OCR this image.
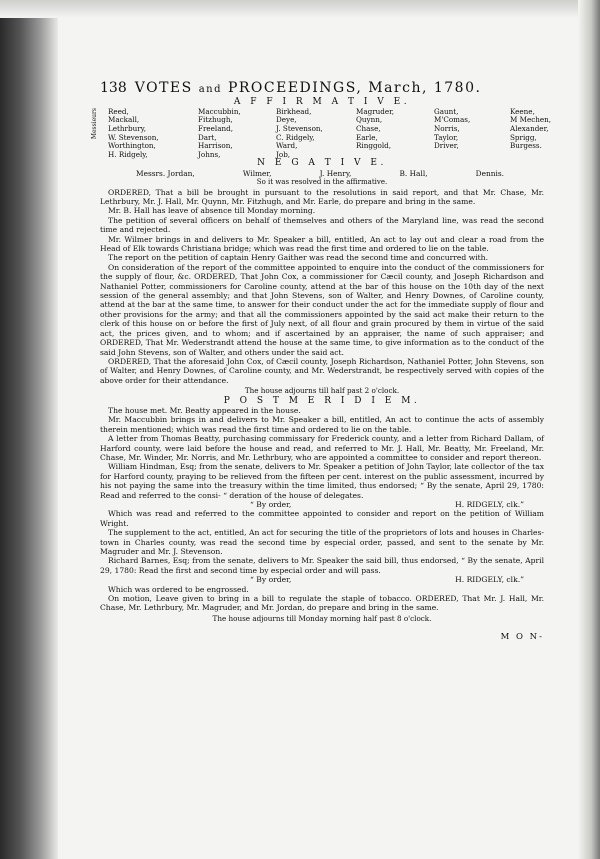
138 VOTES and PROCEEDINGS, March, 1780.
A F F I R M A T I V E.
Messieurs Reed,	Maccubbin,	Birkhead,	Magruder,	Gaunt,	Keene,
Mackall,	Fitzhugh,	Deye,	Quynn,	M'Comas,	M Mechen,
Lethrbury,	Freeland,	J. Stevenson,	Chase,	Norris,	Alexander,
W. Stevenson,	Dart,	C. Ridgely,	Earle,	Taylor,	Sprigg,
Worthington,	Harrison,	Ward,	Ringgold,	Driver,	Burgess.
H. Ridgely,	Johns,	Job,
N E G A T I V E.
Messrs. Jordan,	Wilmer,	J. Henry,	B. Hall,	Dennis.
So it was resolved in the affirmative.

ORDERED, That a bill be brought in pursuant to the resolutions in said report, and that Mr. Chase, Mr. Lethrbury, Mr. J. Hall, Mr. Quynn, Mr. Fitzhugh, and Mr. Earle, do prepare and bring in the same.

Mr. B. Hall has leave of absence till Monday morning.

The petition of several officers on behalf of themselves and others of the Maryland line, was read the second time and rejected.

Mr. Wilmer brings in and delivers to Mr. Speaker a bill, entitled, An act to lay out and clear a road from the Head of Elk towards Christiana bridge; which was read the first time and ordered to lie on the table.

The report on the petition of captain Henry Gaither was read the second time and concurred with.

On consideration of the report of the committee appointed to enquire into the conduct of the commissioners for the supply of flour, &c. ORDERED, That John Cox, a commissioner for Cæcil county, and Joseph Richardson and Nathaniel Potter, commissioners for Caroline county, attend at the bar of this house on the 10th day of the next session of the general assembly; and that John Stevens, son of Walter, and Henry Downes, of Caroline county, attend at the bar at the same time, to answer for their conduct under the act for the immediate supply of flour and other provisions for the army; and that all the commissioners appointed by the said act make their return to the clerk of this house on or before the first of July next, of all flour and grain procured by them in virtue of the said act, the prices given, and to whom; and if ascertained by an appraiser, the name of such appraiser; and ORDERED, That Mr. Wederstrandt attend the house at the same time, to give information as to the conduct of the said John Stevens, son of Walter, and others under the said act.

ORDERED, That the aforesaid John Cox, of Cæcil county, Joseph Richardson, Nathaniel Potter, John Stevens, son of Walter, and Henry Downes, of Caroline county, and Mr. Wederstrandt, be respectively served with copies of the above order for their attendance.

The house adjourns till half past 2 o'clock.
P O S T M E R I D I E M.

The house met. Mr. Beatty appeared in the house.

Mr. Maccubbin brings in and delivers to Mr. Speaker a bill, entitled, An act to continue the acts of assembly therein mentioned; which was read the first time and ordered to lie on the table.

A letter from Thomas Beatty, purchasing commissary for Frederick county, and a letter from Richard Dallam, of Harford county, were laid before the house and read, and referred to Mr. J. Hall, Mr. Beatty, Mr. Freeland, Mr. Chase, Mr. Winder, Mr. Norris, and Mr. Lethrbury, who are appointed a committee to consider and report thereon.

William Hindman, Esq; from the senate, delivers to Mr. Speaker a petition of John Taylor, late collector of the tax for Harford county, praying to be relieved from the fifteen per cent. interest on the public assessment, incurred by his not paying the same into the treasury within the time limited, thus endorsed; “ By the senate, April 29, 1780: Read and referred to the consi- “ deration of the house of delegates.

“ By order,	H. RIDGELY, clk.”

Which was read and referred to the committee appointed to consider and report on the petition of William Wright.

The supplement to the act, entitled, An act for securing the title of the proprietors of lots and houses in Charles-town in Charles county, was read the second time by especial order, passed, and sent to the senate by Mr. Magruder and Mr. J. Stevenson.

Richard Barnes, Esq; from the senate, delivers to Mr. Speaker the said bill, thus endorsed, “ By the senate, April 29, 1780: Read the first and second time by especial order and will pass.

“ By order,	H. RIDGELY, clk.”

Which was ordered to be engrossed.

On motion, Leave given to bring in a bill to regulate the staple of tobacco. ORDERED, That Mr. J. Hall, Mr. Chase, Mr. Lethrbury, Mr. Magruder, and Mr. Jordan, do prepare and bring in the same.

The house adjourns till Monday morning half past 8 o'clock.
M O N-
